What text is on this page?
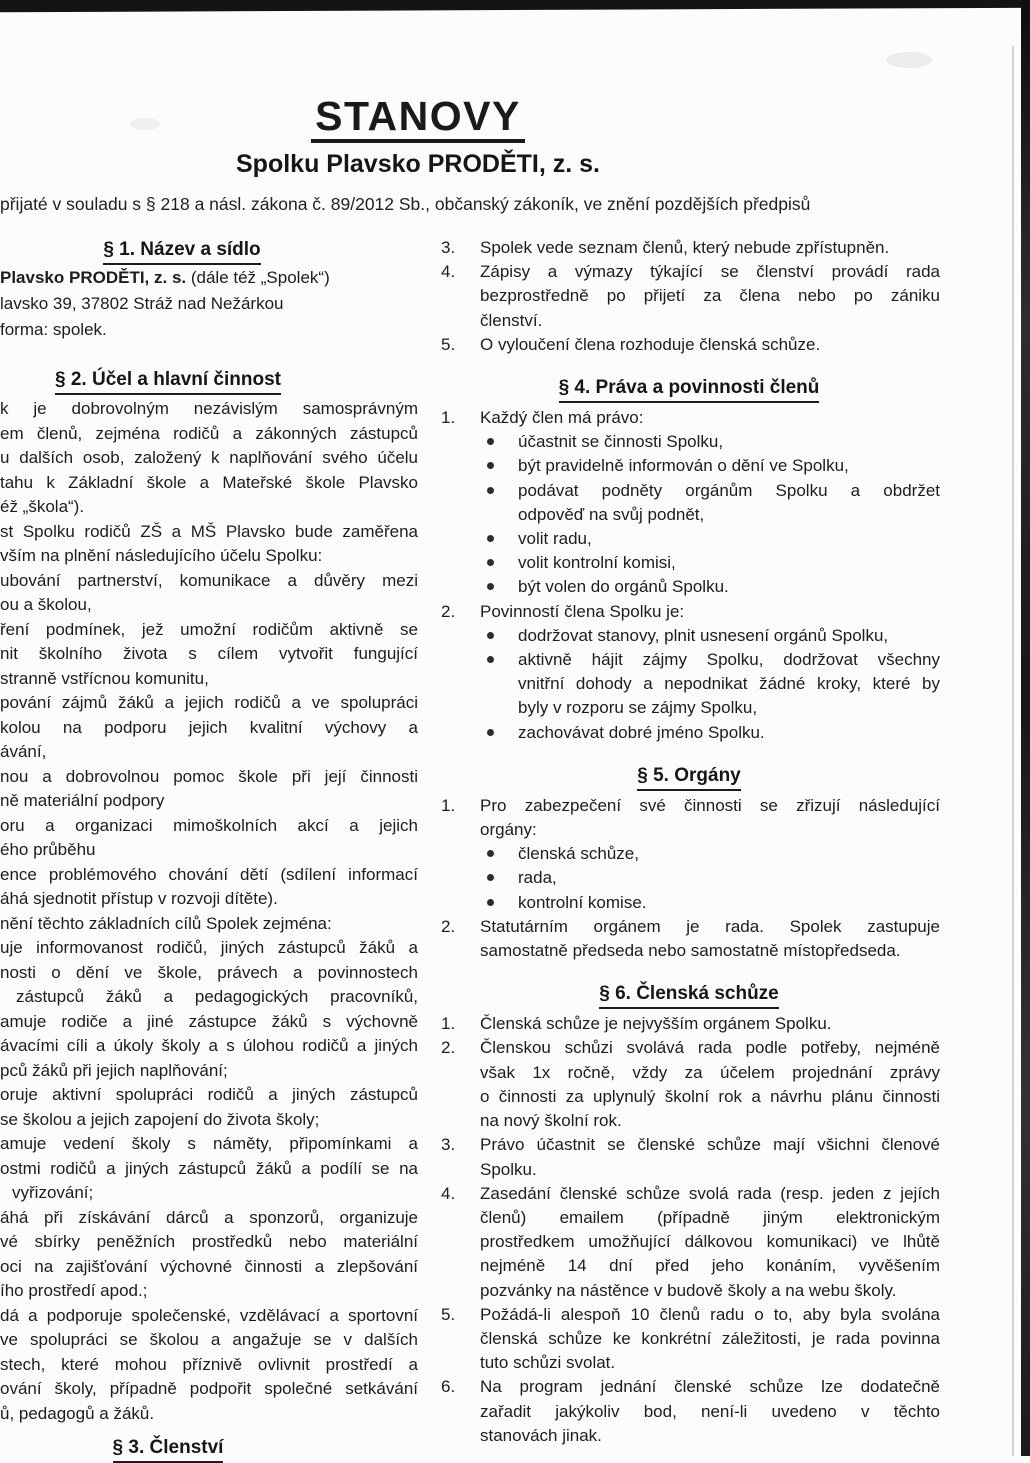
STANOVY
Spolku Plavsko PRODĚTI, z. s.
přijaté v souladu s § 218 a násl. zákona č. 89/2012 Sb., občanský zákoník, ve znění pozdějších předpisů
§ 1. Název a sídlo
Plavsko PRODĚTI, z. s. (dále též „Spolek“)
lavsko 39, 37802 Stráž nad Nežárkou
forma: spolek.
§ 2. Účel a hlavní činnost
k je dobrovolným nezávislým samosprávným
em členů, zejména rodičů a zákonných zástupců
u dalších osob, založený k naplňování svého účelu
tahu k Základní škole a Mateřské škole Plavsko
éž „škola“).
st Spolku rodičů ZŠ a MŠ Plavsko bude zaměřena
vším na plnění následujícího účelu Spolku:
ubování partnerství, komunikace a důvěry mezi
ou a školou,
ření podmínek, jež umožní rodičům aktivně se
nit školního života s cílem vytvořit fungující
stranně vstřícnou komunitu,
pování zájmů žáků a jejich rodičů a ve spolupráci
kolou na podporu jejich kvalitní výchovy a
ávání,
nou a dobrovolnou pomoc škole při její činnosti
ně materiální podpory
oru a organizaci mimoškolních akcí a jejich
ého průběhu
ence problémového chování dětí (sdílení informací
áhá sjednotit přístup v rozvoji dítěte).
nění těchto základních cílů Spolek zejména:
uje informovanost rodičů, jiných zástupců žáků a
nosti o dění ve škole, právech a povinnostech
zástupců žáků a pedagogických pracovníků,
amuje rodiče a jiné zástupce žáků s výchovně
ávacími cíli a úkoly školy a s úlohou rodičů a jiných
pců žáků při jejich naplňování;
oruje aktivní spolupráci rodičů a jiných zástupců
se školou a jejich zapojení do života školy;
amuje vedení školy s náměty, připomínkami a
ostmi rodičů a jiných zástupců žáků a podílí se na
vyřizování;
áhá při získávání dárců a sponzorů, organizuje
vé sbírky peněžních prostředků nebo materiální
oci na zajišťování výchovné činnosti a zlepšování
ího prostředí apod.;
dá a podporuje společenské, vzdělávací a sportovní
ve spolupráci se školou a angažuje se v dalších
stech, které mohou příznivě ovlivnit prostředí a
ování školy, případně podpořit společné setkávání
ů, pedagogů a žáků.
§ 3. Členství
3.	Spolek vede seznam členů, který nebude zpřístupněn.
4.	Zápisy a výmazy týkající se členství provádí rada
bezprostředně po přijetí za člena nebo po zániku
členství.
5.	O vyloučení člena rozhoduje členská schůze.
§ 4. Práva a povinnosti členů
1.	Každý člen má právo:
účastnit se činnosti Spolku,
být pravidelně informován o dění ve Spolku,
podávat podněty orgánům Spolku a obdržet
odpověď na svůj podnět,
volit radu,
volit kontrolní komisi,
být volen do orgánů Spolku.
2.	Povinností člena Spolku je:
dodržovat stanovy, plnit usnesení orgánů Spolku,
aktivně hájit zájmy Spolku, dodržovat všechny
vnitřní dohody a nepodnikat žádné kroky, které by
byly v rozporu se zájmy Spolku,
zachovávat dobré jméno Spolku.
§ 5. Orgány
1.	Pro zabezpečení své činnosti se zřizují následující
orgány:
členská schůze,
rada,
kontrolní komise.
2.	Statutárním orgánem je rada. Spolek zastupuje
samostatně předseda nebo samostatně místopředseda.
§ 6. Členská schůze
1.	Členská schůze je nejvyšším orgánem Spolku.
2.	Členskou schůzi svolává rada podle potřeby, nejméně
však 1x ročně, vždy za účelem projednání zprávy
o činnosti za uplynulý školní rok a návrhu plánu činnosti
na nový školní rok.
3.	Právo účastnit se členské schůze mají všichni členové
Spolku.
4.	Zasedání členské schůze svolá rada (resp. jeden z jejích
členů) emailem (případně jiným elektronickým
prostředkem umožňující dálkovou komunikaci) ve lhůtě
nejméně 14 dní před jeho konáním, vyvěšením
pozvánky na nástěnce v budově školy a na webu školy.
5.	Požádá-li alespoň 10 členů radu o to, aby byla svolána
členská schůze ke konkrétní záležitosti, je rada povinna
tuto schůzi svolat.
6.	Na program jednání členské schůze lze dodatečně
zařadit jakýkoliv bod, není-li uvedeno v těchto
stanovách jinak.
